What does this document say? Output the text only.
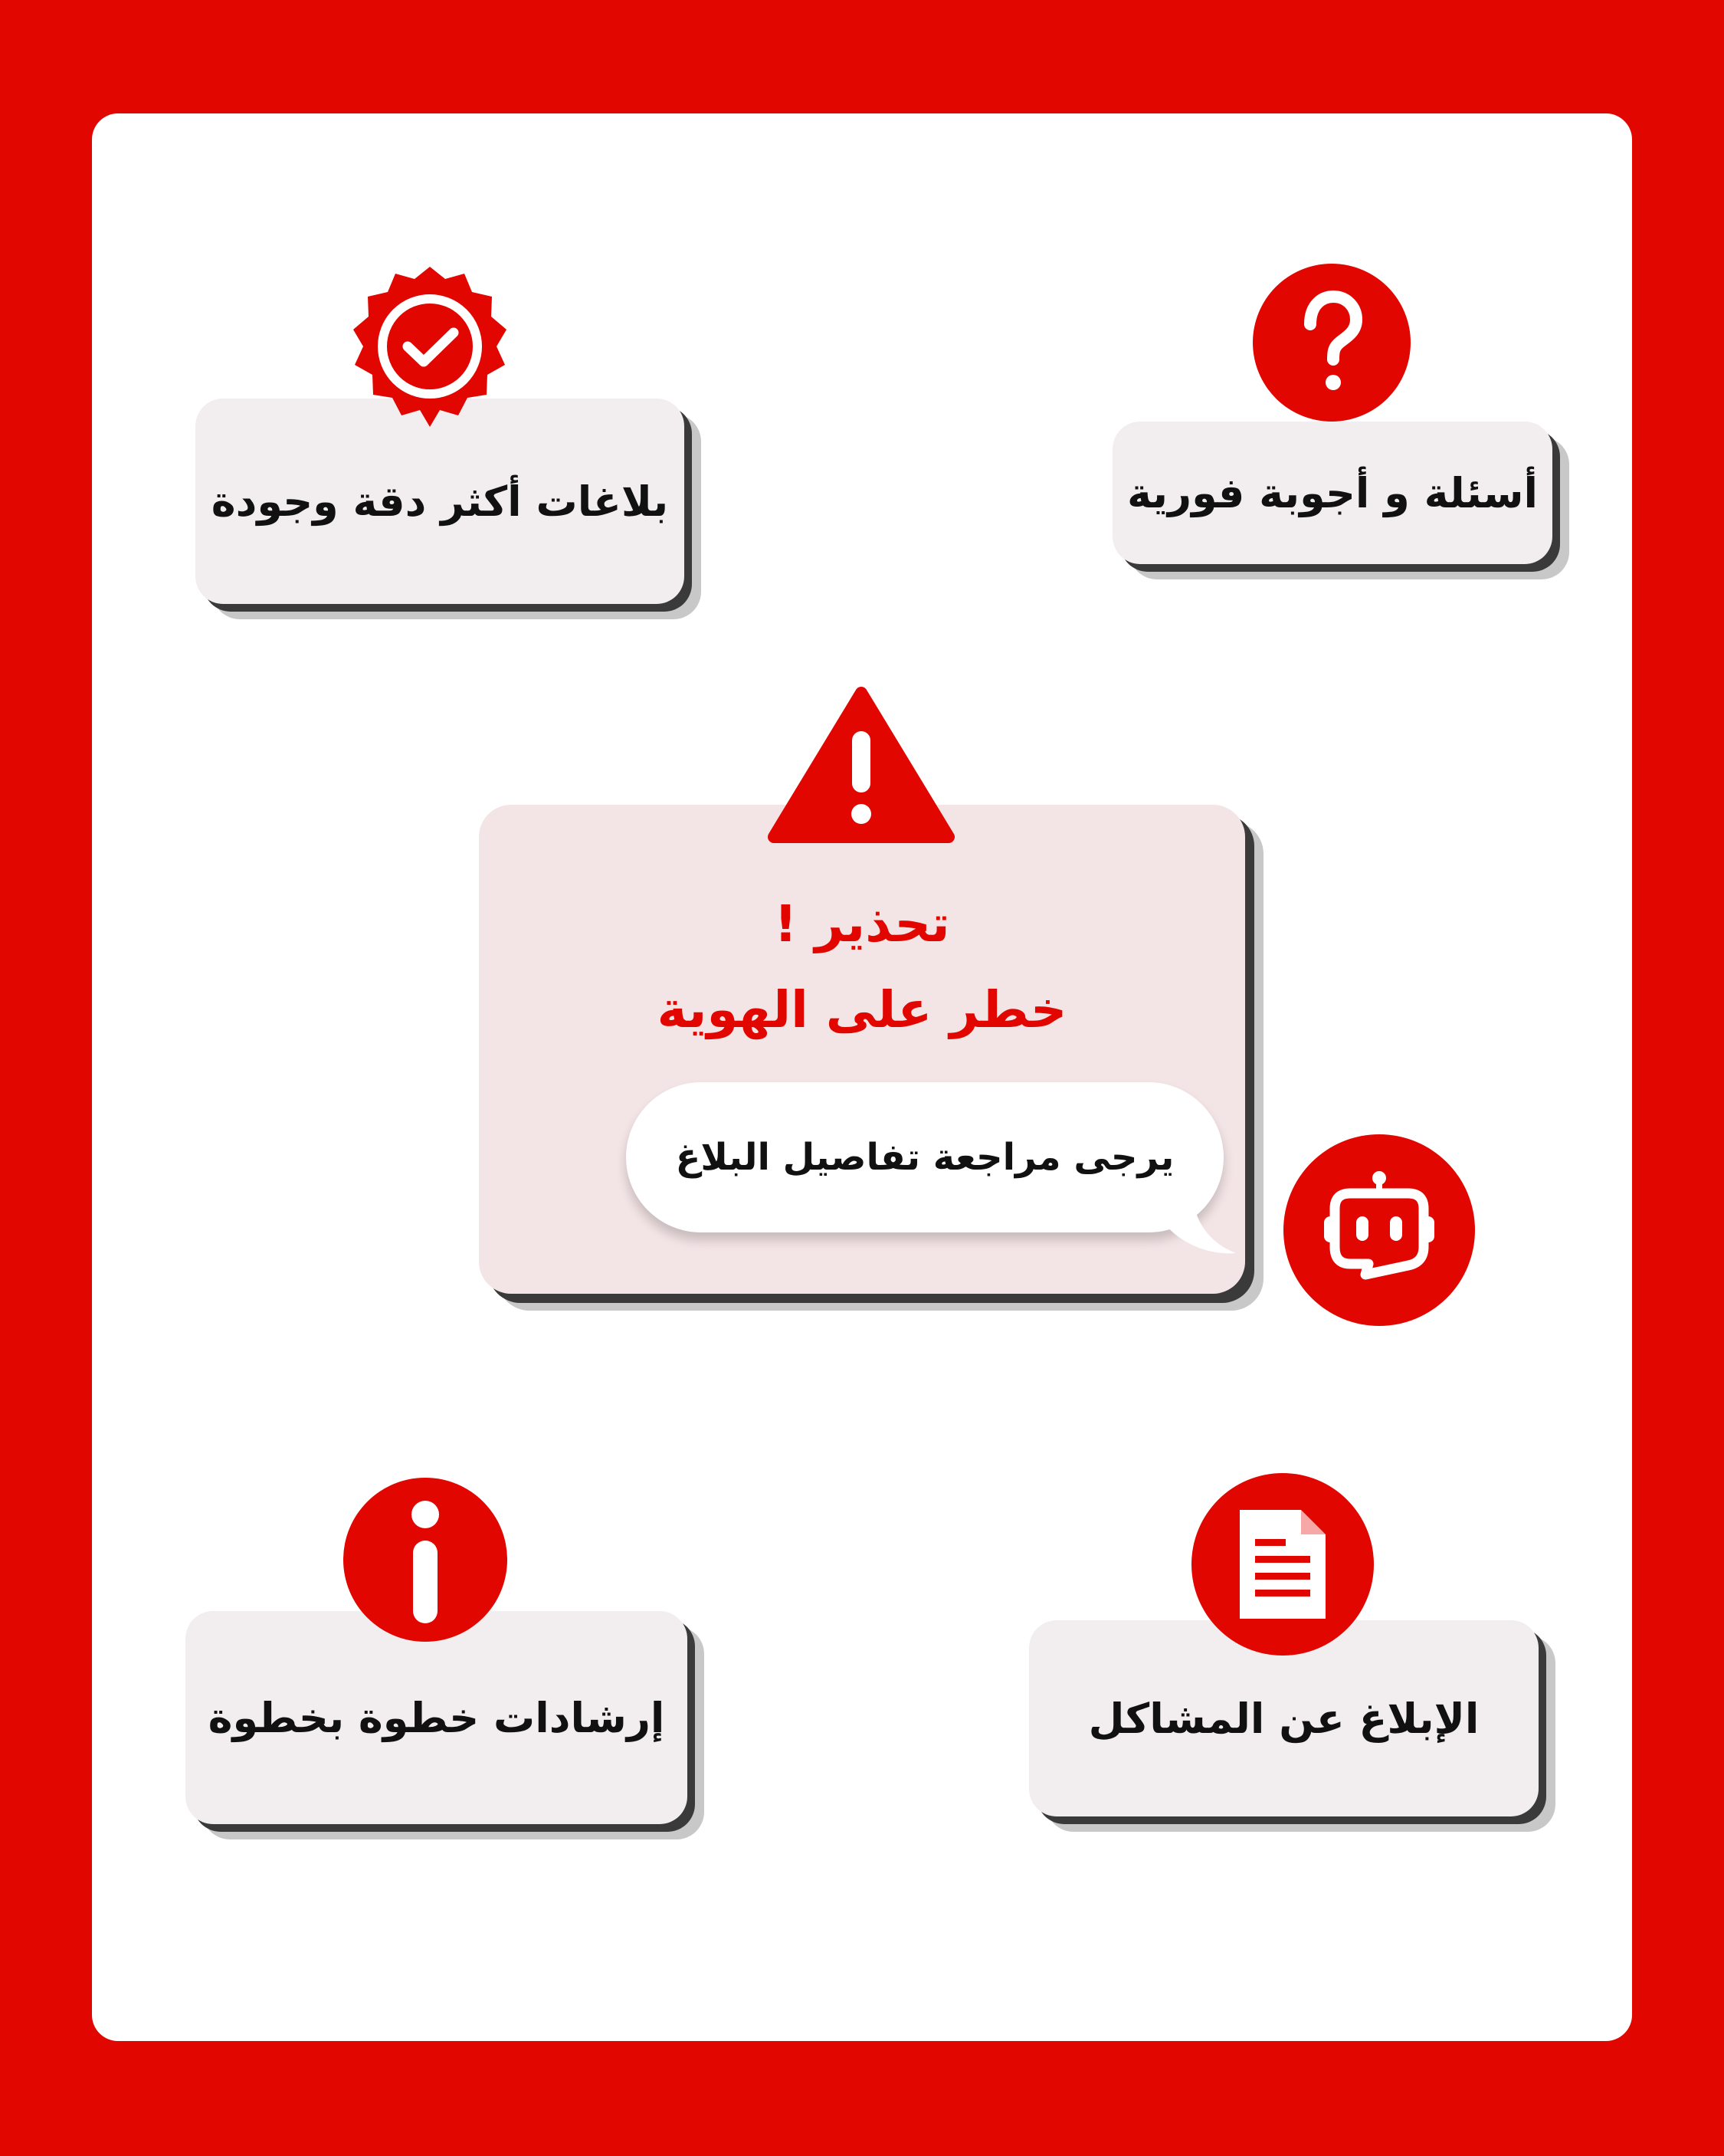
بلاغات أكثر دقة وجودة	أسئلة و أجوبة فورية
تحذير !
خطر على الهوية
يرجى مراجعة تفاصيل البلاغ
إرشادات خطوة بخطوة	الإبلاغ عن المشاكل
